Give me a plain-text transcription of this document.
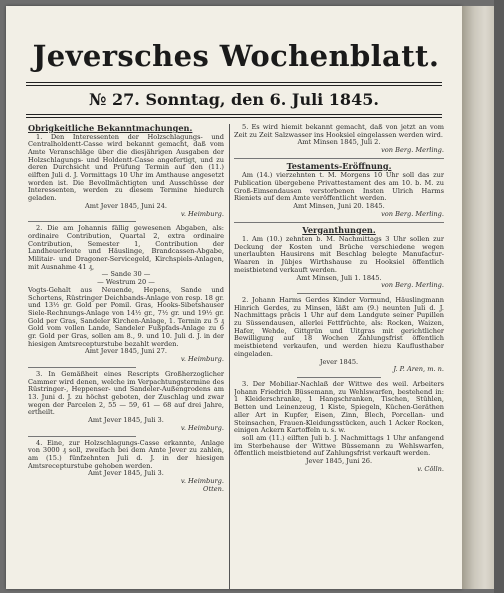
Jeversches Wochenblatt.
№ 27. Sonntag, den 6. Juli 1845.

Obrigkeitliche Bekanntmachungen.

1. Den Interessenten der Holzschlagungs- und Centralholdentt-Casse wird bekannt gemacht, daß vom Amte Veranschläge über die diesjährigen Ausgaben der Holzschlagungs- und Holdentt-Casse angefertigt, und zu deren Durchsicht und Prüfung Termin auf den (11.) eilften Juli d. J. Vormittags 10 Uhr im Amthause angesetzt worden ist. Die Bevollmächtigten und Ausschüsse der Interessenten, werden zu diesem Termine hiedurch geladen.

Amt Jever 1845, Juni 24.

v. Heimburg.

2. Die am Johannis fällig gewesenen Abgaben, als: ordinaire Contribution, Quartal 2, extra ordinaire Contribution, Semester 1, Contribution der Landheuerleute und Häuslinge, Brandcassen-Abgabe, Militair- und Dragoner-Servicegeld, Kirchspiels-Anlagen, mit Ausnahme 41 ₰,

— Sande 30 —

— Westrum 20 —

Vogts-Gehalt aus Neuende, Hepens, Sande und Schortens, Rüstringer Deichbands-Anlage von resp. 18 gr. und 13½ gr. Gold per Pomil. Gras, Hooks-Sibetshauser Siele-Rechnungs-Anlage von 14½ gr., 7½ gr. und 19½ gr. Gold per Gras, Sandeler Kirchen-Anlage, 1. Termin zu 5 ₰ Gold vom vollen Lande, Sandeler Fußpfads-Anlage zu 6 gr. Gold per Gras, sollen am 8., 9. und 10. Juli d. J. in der hiesigen Amtsrecepturstube bezahlt werden.

Amt Jever 1845, Juni 27.

v. Heimburg.

3. In Gemäßheit eines Rescripts Großherzoglicher Cammer wird denen, welche im Verpachtungstermine des Rüstringer-, Heppenser- und Sandeler-Außengrodens am 13. Juni d. J. zu höchst geboten, der Zuschlag und zwar wegen der Parcelen 2, 55 — 59, 61 — 68 auf drei Jahre, ertheilt.

Amt Jever 1845, Juli 3.

v. Heimburg.

4. Eine, zur Holzschlagungs-Casse erkannte, Anlage von 3000 ₰ soll, zweifach bei dem Amte Jever zu zahlen, am (15.) fünfzehnten Juli d. J. in der hiesigen Amtsrecepturstube gehoben werden.

Amt Jever 1845, Juli 3.

v. Heimburg.

Otten.

5. Es wird hiemit bekannt gemacht, daß von jetzt an vom Zeit zu Zeit Salzwasser ins Hooksiel eingelassen werden wird.

Amt Minsen 1845, Juli 2.

von Berg. Merling.

Testaments-Eröffnung.

Am (14.) vierzehnten t. M. Morgens 10 Uhr soll das zur Publication übergebene Privattestament des am 10. b. M. zu Groß-Eimsendausen verstorbenen Insten Ulrich Harms Rieniets auf dem Amte veröffentlicht werden.

Amt Minsen, Juni 20. 1845.

von Berg. Merling.

Verganthungen.

1. Am (10.) zehnten b. M. Nachmittags 3 Uhr sollen zur Deckung der Kosten und Brüche verschiedene wegen unerlaubten Hausirens mit Beschlag belegte Manufactur-Waaren in Jübjes Wirthshause zu Hooksiel öffentlich meistbietend verkauft werden.

Amt Minsen, Juli 1. 1845.

von Berg. Merling.

2. Johann Harms Gerdes Kinder Vormund, Häuslingmann Hinrich Gerdes, zu Minsen, läßt am (9.) neunten Juli d. J. Nachmittags präcis 1 Uhr auf dem Landgute seiner Pupillen zu Süssendausen, allerlei Fettfrüchte, als: Rocken, Waizen, Hafer, Wehde, Gittgrün und Uitgras mit gerichtlicher Bewilligung auf 18 Wochen Zahlungsfrist öffentlich meistbietend verkaufen, und werden hiezu Kauflusthaber eingeladen.

Jever 1845.

J. P. Aren, m. n.

3. Der Mobiliar-Nachlaß der Wittwe des weil. Arbeiters Johann Friedrich Büssemann, zu Wehlswarfen, bestehend in: 1 Kleiderschranke, 1 Hangschranken, Tischen, Stühlen, Betten und Leinenzeug, 1 Kiste, Spiegeln, Küchen-Geräthen aller Art in Kupfer, Eisen, Zinn, Blech, Porcellan- und Steinsachen, Frauen-Kleidungsstücken, auch 1 Acker Rocken, einigen Ackern Kartoffeln u. s. w.

soll am (11.) eilften Juli b. J. Nachmittags 1 Uhr anfangend im Sterbehause der Wittwe Büssemann zu Wehlswarfen, öffentlich meistbietend auf Zahlungsfrist verkauft werden.

Jever 1845, Juni 26.

v. Cölln.
